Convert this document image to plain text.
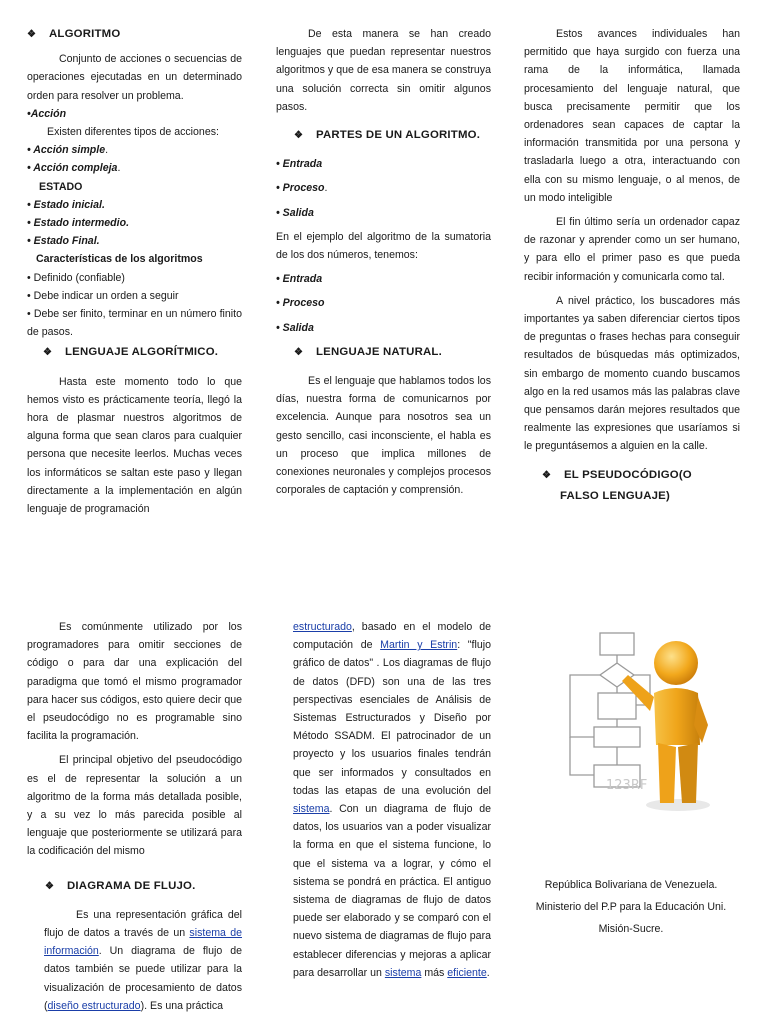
❖ ALGORITMO

Conjunto de acciones o secuencias de operaciones ejecutadas en un determinado orden para resolver un problema.

•Acción

Existen diferentes tipos de acciones:

• Acción simple.

• Acción compleja.

ESTADO

• Estado inicial.

• Estado intermedio.

• Estado Final.

Características de los algoritmos

• Definido (confiable)

• Debe indicar un orden a seguir

• Debe ser finito, terminar en un número finito de pasos.

❖ LENGUAJE ALGORÍTMICO.

Hasta este momento todo lo que hemos visto es prácticamente teoría, llegó la hora de plasmar nuestros algoritmos de alguna forma que sean claros para cualquier persona que necesite leerlos. Muchas veces los informáticos se saltan este paso y llegan directamente a la implementación en algún lenguaje de programación

De esta manera se han creado lenguajes que puedan representar nuestros algoritmos y que de esa manera se construya una solución correcta sin omitir algunos pasos.

❖ PARTES DE UN ALGORITMO.

• Entrada

• Proceso.

• Salida

En el ejemplo del algoritmo de la sumatoria de los dos números, tenemos:

• Entrada

• Proceso

• Salida

❖ LENGUAJE NATURAL.

Es el lenguaje que hablamos todos los días, nuestra forma de comunicarnos por excelencia. Aunque para nosotros sea un gesto sencillo, casi inconsciente, el habla es un proceso que implica millones de conexiones neuronales y complejos procesos corporales de captación y comprensión.

Estos avances individuales han permitido que haya surgido con fuerza una rama de la informática, llamada procesamiento del lenguaje natural, que busca precisamente permitir que los ordenadores sean capaces de captar la información transmitida por una persona y trasladarla luego a otra, interactuando con ella con su mismo lenguaje, o al menos, de un modo inteligible

El fin último sería un ordenador capaz de razonar y aprender como un ser humano, y para ello el primer paso es que pueda recibir información y comunicarla como tal.

A nivel práctico, los buscadores más importantes ya saben diferenciar ciertos tipos de preguntas o frases hechas para conseguir resultados de búsquedas más optimizados, sin embargo de momento cuando buscamos algo en la red usamos más las palabras clave que pensamos darán mejores resultados que realmente las expresiones que usaríamos si le preguntásemos a alguien en la calle.

❖ EL PSEUDOCÓDIGO(O

FALSO LENGUAJE)

Es comúnmente utilizado por los programadores para omitir secciones de código o para dar una explicación del paradigma que tomó el mismo programador para hacer sus códigos, esto quiere decir que el pseudocódigo no es programable sino facilita la programación.

El principal objetivo del pseudocódigo es el de representar la solución a un algoritmo de la forma más detallada posible, y a su vez lo más parecida posible al lenguaje que posteriormente se utilizará para la codificación del mismo

❖ DIAGRAMA DE FLUJO.

Es una representación gráfica del flujo de datos a través de un sistema de información. Un diagrama de flujo de datos también se puede utilizar para la visualización de procesamiento de datos (diseño estructurado). Es una práctica

estructurado, basado en el modelo de computación de Martin y Estrin: "flujo gráfico de datos" . Los diagramas de flujo de datos (DFD) son una de las tres perspectivas esenciales de Análisis de Sistemas Estructurados y Diseño por Método SSADM. El patrocinador de un proyecto y los usuarios finales tendrán que ser informados y consultados en todas las etapas de una evolución del sistema. Con un diagrama de flujo de datos, los usuarios van a poder visualizar la forma en que el sistema funcione, lo que el sistema va a lograr, y cómo el sistema se pondrá en práctica. El antiguo sistema de diagramas de flujo de datos puede ser elaborado y se comparó con el nuevo sistema de diagramas de flujo para establecer diferencias y mejoras a aplicar para desarrollar un sistema más eficiente.

123RF

República Bolivariana de Venezuela.

Ministerio del P.P para la Educación Uni.

Misión-Sucre.
